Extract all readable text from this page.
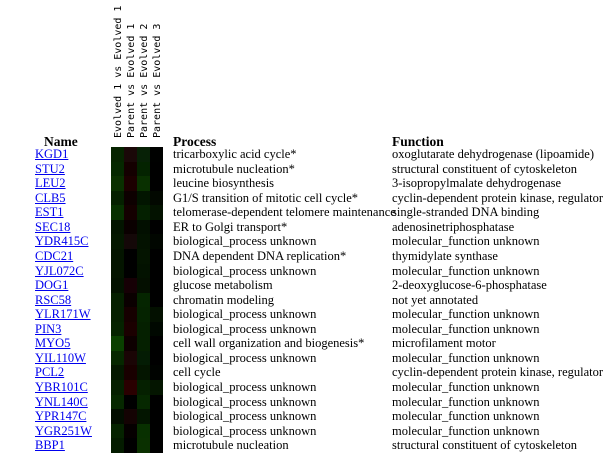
Evolved 1 vs Evolved 1 Parent vs Evolved 1 Parent vs Evolved 2 Parent vs Evolved 3
Name	Process	Function
KGD1
STU2
LEU2
CLB5
EST1
SEC18
YDR415C
CDC21
YJL072C
DOG1
RSC58
YLR171W
PIN3
MYO5
YIL110W
PCL2
YBR101C
YNL140C
YPR147C
YGR251W
BBP1
tricarboxylic acid cycle*
microtubule nucleation*
leucine biosynthesis
G1/S transition of mitotic cell cycle*
telomerase-dependent telomere maintenance
ER to Golgi transport*
biological_process unknown
DNA dependent DNA replication*
biological_process unknown
glucose metabolism
chromatin modeling
biological_process unknown
biological_process unknown
cell wall organization and biogenesis*
biological_process unknown
cell cycle
biological_process unknown
biological_process unknown
biological_process unknown
biological_process unknown
microtubule nucleation
oxoglutarate dehydrogenase (lipoamide)
structural constituent of cytoskeleton
3-isopropylmalate dehydrogenase
cyclin-dependent protein kinase, regulator
single-stranded DNA binding
adenosinetriphosphatase
molecular_function unknown
thymidylate synthase
molecular_function unknown
2-deoxyglucose-6-phosphatase
not yet annotated
molecular_function unknown
molecular_function unknown
microfilament motor
molecular_function unknown
cyclin-dependent protein kinase, regulator
molecular_function unknown
molecular_function unknown
molecular_function unknown
molecular_function unknown
structural constituent of cytoskeleton
